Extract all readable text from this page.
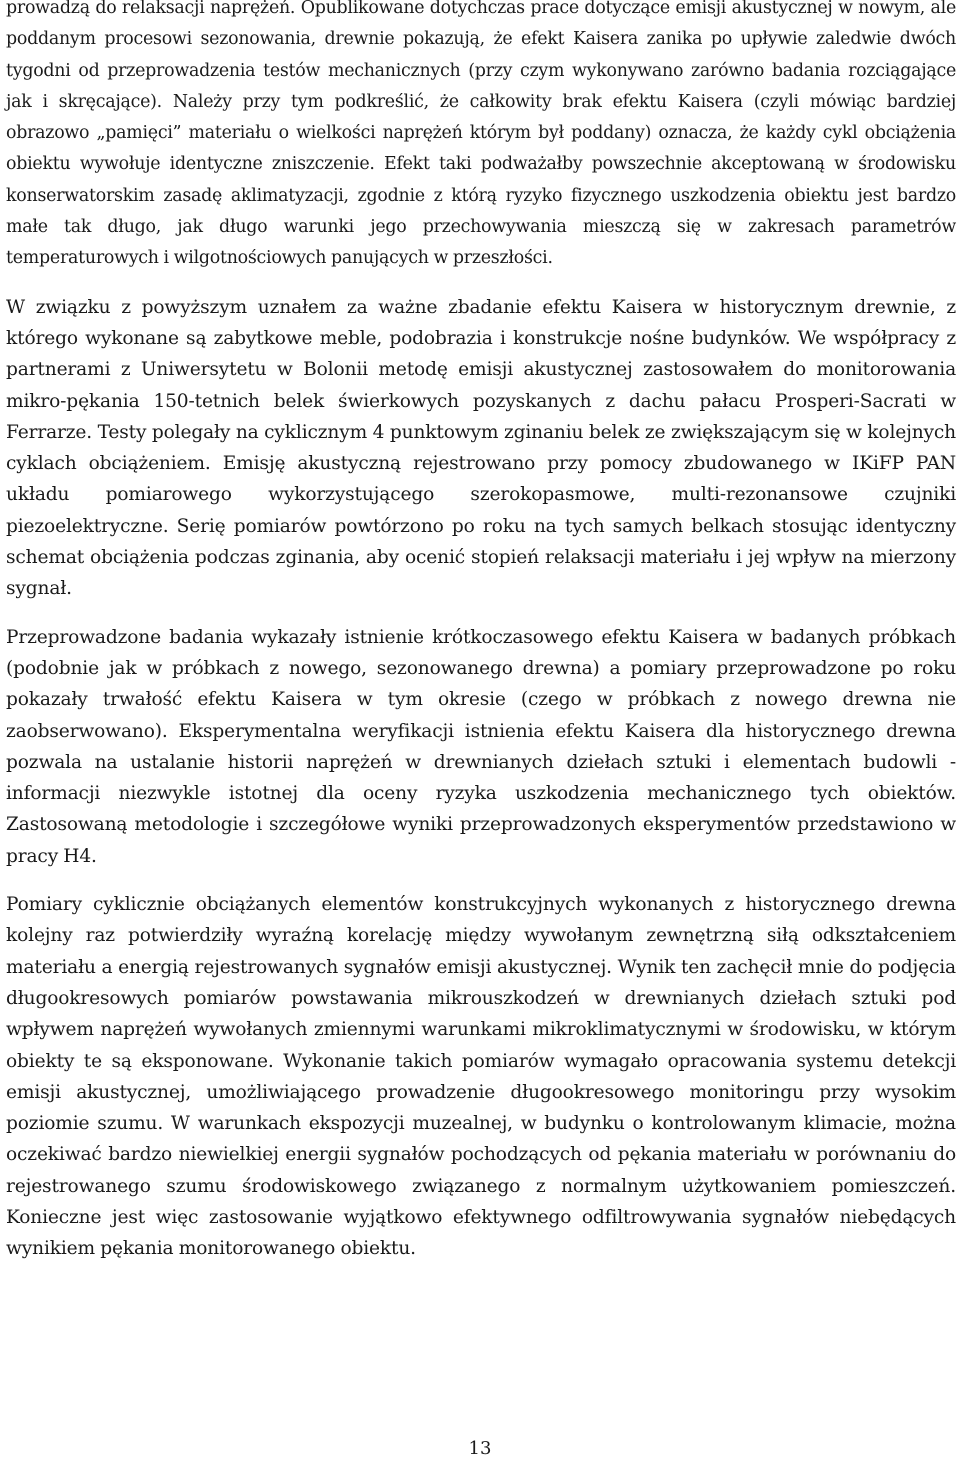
prowadzą do relaksacji naprężeń. Opublikowane dotychczas prace dotyczące emisji akustycznej w nowym, ale poddanym procesowi sezonowania, drewnie pokazują, że efekt Kaisera zanika po upływie zaledwie dwóch tygodni od przeprowadzenia testów mechanicznych (przy czym wykonywano zarówno badania rozciągające jak i skręcające). Należy przy tym podkreślić, że całkowity brak efektu Kaisera (czyli mówiąc bardziej obrazowo „pamięci” materiału o wielkości naprężeń którym był poddany) oznacza, że każdy cykl obciążenia obiektu wywołuje identyczne zniszczenie. Efekt taki podważałby powszechnie akceptowaną w środowisku konserwatorskim zasadę aklimatyzacji, zgodnie z którą ryzyko fizycznego uszkodzenia obiektu jest bardzo małe tak długo, jak długo warunki jego przechowywania mieszczą się w zakresach parametrów temperaturowych i wilgotnościowych panujących w przeszłości.

W związku z powyższym uznałem za ważne zbadanie efektu Kaisera w historycznym drewnie, z którego wykonane są zabytkowe meble, podobrazia i konstrukcje nośne budynków. We współpracy z partnerami z Uniwersytetu w Bolonii metodę emisji akustycznej zastosowałem do monitorowania mikro-pękania 150-tetnich belek świerkowych pozyskanych z dachu pałacu Prosperi-Sacrati w Ferrarze. Testy polegały na cyklicznym 4 punktowym zginaniu belek ze zwiększającym się w kolejnych cyklach obciążeniem. Emisję akustyczną rejestrowano przy pomocy zbudowanego w IKiFP PAN układu pomiarowego wykorzystującego szerokopasmowe, multi-rezonansowe czujniki piezoelektryczne. Serię pomiarów powtórzono po roku na tych samych belkach stosując identyczny schemat obciążenia podczas zginania, aby ocenić stopień relaksacji materiału i jej wpływ na mierzony sygnał.

Przeprowadzone badania wykazały istnienie krótkoczasowego efektu Kaisera w badanych próbkach (podobnie jak w próbkach z nowego, sezonowanego drewna) a pomiary przeprowadzone po roku pokazały trwałość efektu Kaisera w tym okresie (czego w próbkach z nowego drewna nie zaobserwowano). Eksperymentalna weryfikacji istnienia efektu Kaisera dla historycznego drewna pozwala na ustalanie historii naprężeń w drewnianych dziełach sztuki i elementach budowli - informacji niezwykle istotnej dla oceny ryzyka uszkodzenia mechanicznego tych obiektów. Zastosowaną metodologie i szczegółowe wyniki przeprowadzonych eksperymentów przedstawiono w pracy H4.

Pomiary cyklicznie obciążanych elementów konstrukcyjnych wykonanych z historycznego drewna kolejny raz potwierdziły wyraźną korelację między wywołanym zewnętrzną siłą odkształceniem materiału a energią rejestrowanych sygnałów emisji akustycznej. Wynik ten zachęcił mnie do podjęcia długookresowych pomiarów powstawania mikrouszkodzeń w drewnianych dziełach sztuki pod wpływem naprężeń wywołanych zmiennymi warunkami mikroklimatycznymi w środowisku, w którym obiekty te są eksponowane. Wykonanie takich pomiarów wymagało opracowania systemu detekcji emisji akustycznej, umożliwiającego prowadzenie długookresowego monitoringu przy wysokim poziomie szumu. W warunkach ekspozycji muzealnej, w budynku o kontrolowanym klimacie, można oczekiwać bardzo niewielkiej energii sygnałów pochodzących od pękania materiału w porównaniu do rejestrowanego szumu środowiskowego związanego z normalnym użytkowaniem pomieszczeń. Konieczne jest więc zastosowanie wyjątkowo efektywnego odfiltrowywania sygnałów niebędących wynikiem pękania monitorowanego obiektu.

13
